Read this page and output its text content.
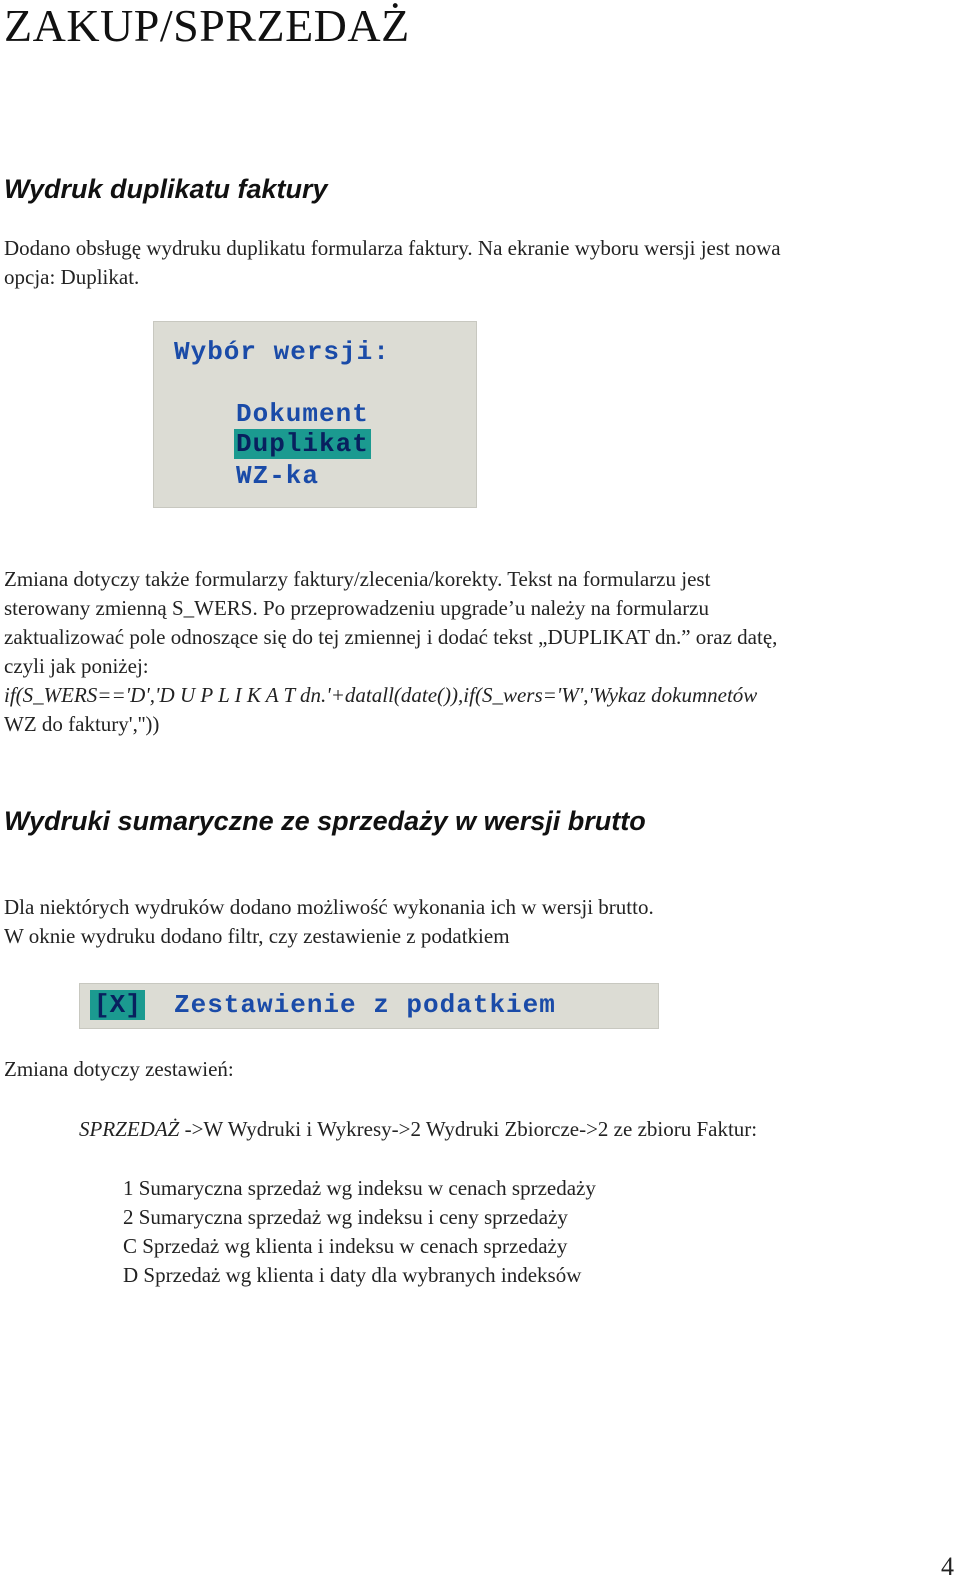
ZAKUP/SPRZEDAŻ
Wydruk duplikatu faktury
Dodano obsługę wydruku duplikatu formularza faktury. Na ekranie wyboru wersji jest nowa
opcja: Duplikat.
Wybór wersji:
Dokument
Duplikat
WZ-ka
Zmiana dotyczy także formularzy faktury/zlecenia/korekty. Tekst na formularzu jest
sterowany zmienną S_WERS. Po przeprowadzeniu upgrade’u należy na formularzu
zaktualizować pole odnoszące się do tej zmiennej i dodać tekst „DUPLIKAT dn.” oraz datę,
czyli jak poniżej:
if(S_WERS=='D','D U P L I K A T dn.'+datall(date()),if(S_wers='W','Wykaz dokumnetów
WZ do faktury',''))
Wydruki sumaryczne ze sprzedaży w wersji brutto
Dla niektórych wydruków dodano możliwość wykonania ich w wersji brutto.
W oknie wydruku dodano filtr, czy zestawienie z podatkiem
[X] Zestawienie z podatkiem
Zmiana dotyczy zestawień:
SPRZEDAŻ ->W Wydruki i Wykresy->2 Wydruki Zbiorcze->2 ze zbioru Faktur:
1 Sumaryczna sprzedaż wg indeksu w cenach sprzedaży
2 Sumaryczna sprzedaż wg indeksu i ceny sprzedaży
C Sprzedaż wg klienta i indeksu w cenach sprzedaży
D Sprzedaż wg klienta i daty dla wybranych indeksów
4
